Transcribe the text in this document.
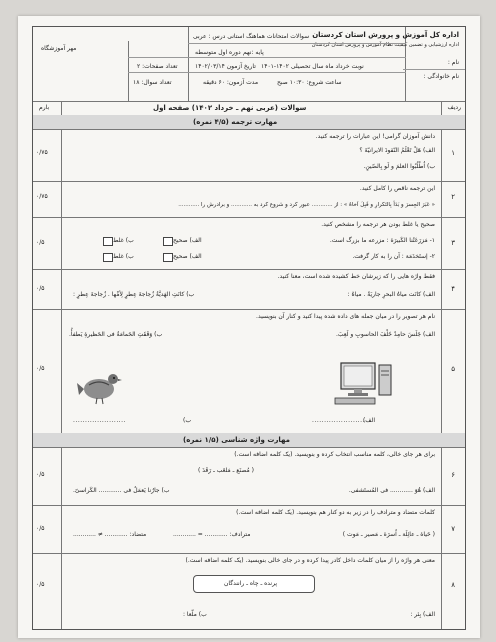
اداره کل آموزش و پرورش استان کردستان
اداره ارزشیابی و تضمین کیفیت نظام آموزش و پرورش استان کردستان
سوالات امتحانات هماهنگ استانی درس : عربی
نام :
نام خانوادگی :
پایه :نهم
دوره اول متوسطه
نوبت خرداد ماه سال تحصیلی ۱۴۰۲-۱۴۰۱
تاریخ آزمون ۱۴۰۲/۰۳/۱۴
تعداد صفحات: ۲
ساعت شروع: ۱۰:۳۰ صبح
مدت آزمون: ۶۰ دقیقه
تعداد سوال: ۱۸
مهر آموزشگاه
ردیف
سوالات (عربی نهم ـ خرداد ۱۴۰۲) صفحه اول
بارم
مهارت ترجمه (۴/۵ نمره)
۱
۰/۷۵
دانش آموزان گرامی! این عبارات را ترجمه کنید.
الف) هَلْ تَعْلَمُ النّقودَ الایرانیّةَ ؟
ب) اُطْلُبُوا العلمَ و لَو بِالصّینِ.
۲
۰/۷۵
این ترجمه ناقص را کامل کنید.
« عَبَرَ الجِسرَ و بَدَأ بِالتَکرارِ و قَبِلَ اَخاهُ » : از ............ عبور کرد و شروع کرد به ............ و برادرش را ............
۳
۰/۵
صحیح یا غلط بودن هر ترجمه را مشخص کنید.
۱- مَزرَعَتُنا الکَبیرَة : مزرعه ما بزرگ است.
۲- إستَخدَمَة : آن را به کار گرفت.
الف) صحیح
ب) غلط
الف) صحیح
ب) غلط
۴
۰/۵
فقط واژه هایی را که زیرشان خط کشیده شده است، معنا کنید.
الف) کانَت میاهُ البحرِ جاریَةً . میاهُ :
ب) کانَتِ الهَدیَّةُ زُجاجةَ عِطرٍ لِأمِّها . زُجاجةَ عِطرٍ :
۵
۰/۵
نام هر تصویر را در میان جمله های داده شده پیدا کنید و کنار آن بنویسید.
الف) جَلَسَ حامِدٌ خَلْفَ الحاسوبِ و لَعِبَ.
ب) وَقَفَتِ الحَمامَةُ فی الحَظیرةِ یَطفأُ.
الف)
......................
ب)
......................
مهارت واژه شناسی (۱/۵ نمره)
۶
۰/۵
برای هر جای خالی، کلمه مناسب انتخاب کرده و بنویسید. (یک کلمه اضافه است.)
( مُصنَع ـ مَلعَب ـ رَقَدَ )
الف) هُوَ ............ فی المُستَشفی.
ب) جارُنا یَعمَلُ فی ............ الکَراسیّ.
۷
۰/۵
کلمات متضاد و مترادف را در زیر به دو کنار هم بنویسید. (یک کلمه اضافه است.)
( حَیاة ـ عائِلَة ـ اُسرَة ـ مَصیر ـ مَوت )
مترادف: ............ = ............
متضاد: ............ ≠ ............
۸
۰/۵
معنی هر واژه را از میان کلمات داخل کادر پیدا کرده و در جای خالی بنویسید. (یک کلمه اضافه است.)
پرنده ـ چاه ـ رانندگان
الف) بِئر :
ب) ملّعا :
